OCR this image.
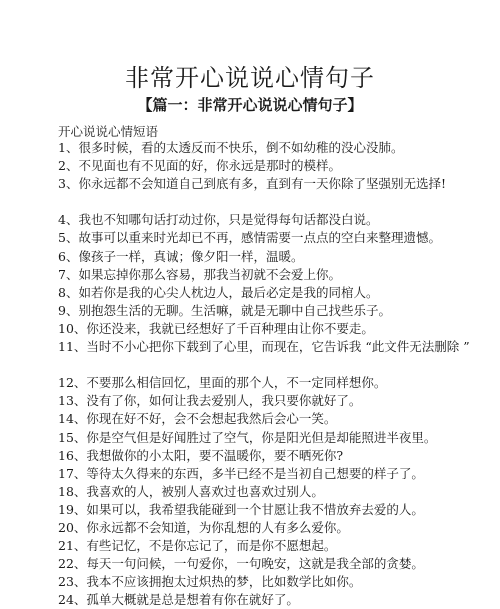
非常开心说说心情句子
【篇一：非常开心说说心情句子】
开心说说心情短语
1、很多时候，看的太透反而不快乐，倒不如幼稚的没心没肺。
2、不见面也有不见面的好，你永远是那时的模样。
3、你永远都不会知道自己到底有多，直到有一天你除了坚强别无选择!
4、我也不知哪句话打动过你，只是觉得每句话都没白说。
5、故事可以重来时光却已不再，感情需要一点点的空白来整理遗憾。
6、像孩子一样，真诚；像夕阳一样，温暖。
7、如果忘掉你那么容易，那我当初就不会爱上你。
8、如若你是我的心尖人枕边人，最后必定是我的同棺人。
9、别抱怨生活的无聊。生活嘛，就是无聊中自己找些乐子。
10、你还没来，我就已经想好了千百种理由让你不要走。
11、当时不小心把你下载到了心里，而现在，它告诉我 “此文件无法删除 ”
12、不要那么相信回忆，里面的那个人，不一定同样想你。
13、没有了你，如何让我去爱别人，我只要你就好了。
14、你现在好不好，会不会想起我然后会心一笑。
15、你是空气但是好闻胜过了空气，你是阳光但是却能照进半夜里。
16、我想做你的小太阳，要不温暖你，要不晒死你?
17、等待太久得来的东西，多半已经不是当初自己想要的样子了。
18、我喜欢的人，被别人喜欢过也喜欢过别人。
19、如果可以，我希望我能碰到一个甘愿让我不惜放弃去爱的人。
20、你永远都不会知道，为你乱想的人有多么爱你。
21、有些记忆，不是你忘记了，而是你不愿想起。
22、每天一句问候，一句爱你，一句晚安，这就是我全部的贪婪。
23、我本不应该拥抱太过炽热的梦，比如数学比如你。
24、孤单大概就是总是想着有你在就好了。
